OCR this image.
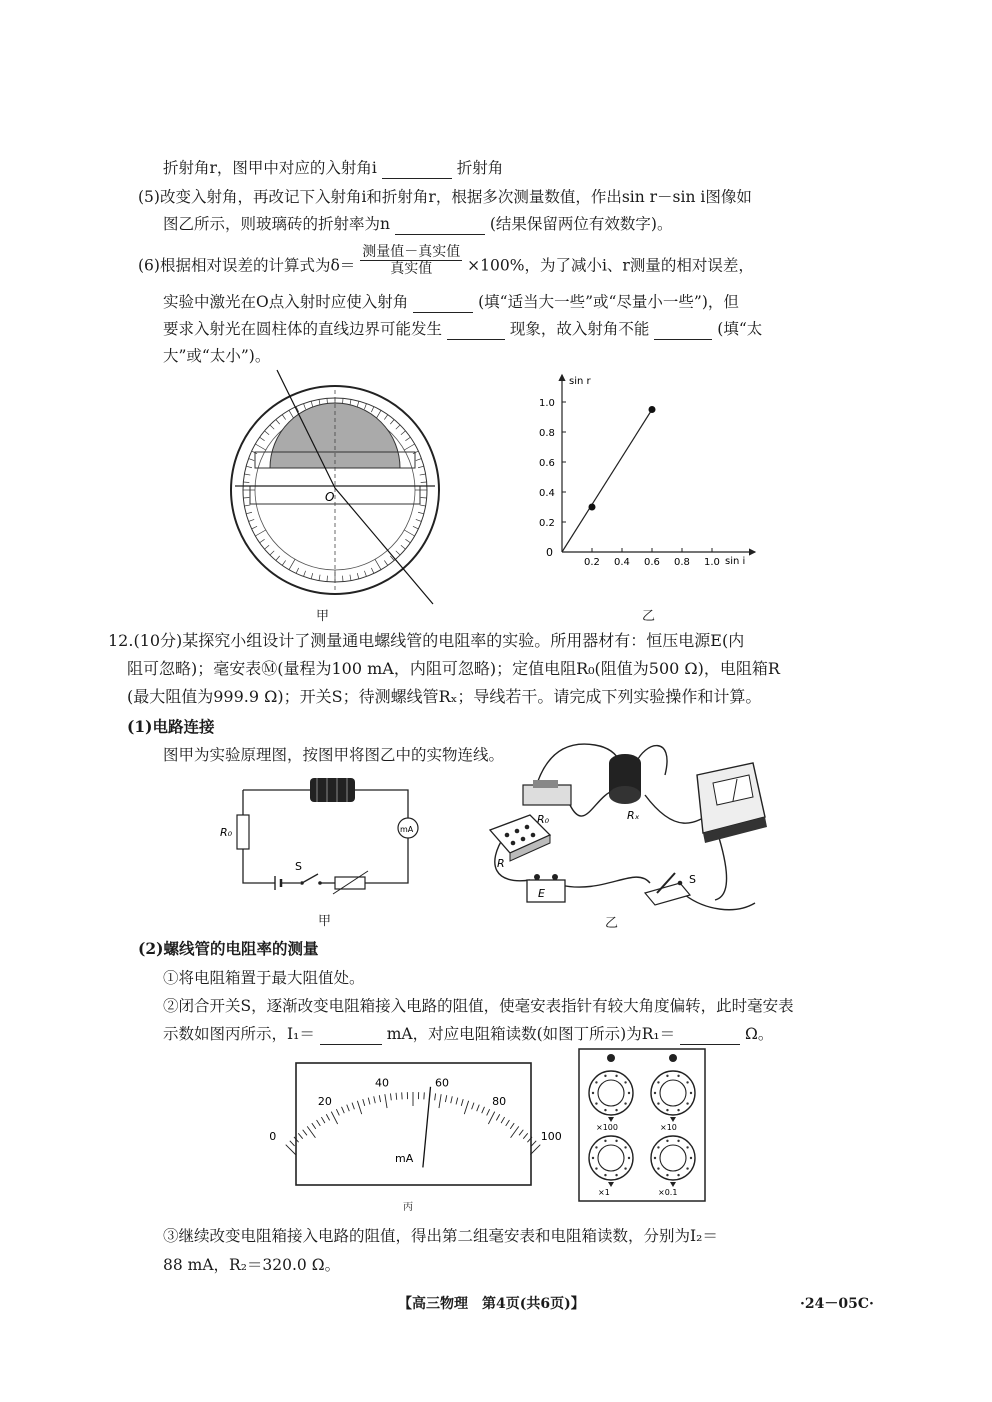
折射角r，图甲中对应的入射角i	折射角
(5)改变入射角，再改记下入射角i和折射角r，根据多次测量数值，作出sin r－sin i图像如
图乙所示，则玻璃砖的折射率为n	(结果保留两位有效数字)。
(6)根据相对误差的计算式为δ＝
测量值－真实值
真实值	×100%，为了减小i、r测量的相对误差，
实验中激光在O点入射时应使入射角	(填“适当大一些”或“尽量小一些”)，但
要求入射光在圆柱体的直线边界可能发生	现象，故入射角不能	(填“太
大”或“太小”)。
O
甲
sin r
sin i
0
1.0
0.8
0.6
0.4
0.2
0.2 0.4 0.6 0.8 1.0
乙
12.(10分)某探究小组设计了测量通电螺线管的电阻率的实验。所用器材有：恒压电源E(内
阻可忽略)；毫安表Ⓜ(量程为100 mA，内阻可忽略)；定值电阻R₀(阻值为500 Ω)，电阻箱R
(最大阻值为999.9 Ω)；开关S；待测螺线管Rₓ；导线若干。请完成下列实验操作和计算。
(1)电路连接
图甲为实验原理图，按图甲将图乙中的实物连线。
R₀	mA
S
甲
R₀	Rₓ
R
E
S
乙
(2)螺线管的电阻率的测量
①将电阻箱置于最大阻值处。
②闭合开关S，逐渐改变电阻箱接入电路的阻值，使毫安表指针有较大角度偏转，此时毫安表
示数如图丙所示，I₁＝	mA，对应电阻箱读数(如图丁所示)为R₁＝	Ω。
0
20
40	60
80
100
mA
丙
×100	×10
×1	×0.1
③继续改变电阻箱接入电路的阻值，得出第二组毫安表和电阻箱读数，分别为I₂＝
88 mA，R₂＝320.0 Ω。
【高三物理　第4页(共6页)】	·24－05C·
